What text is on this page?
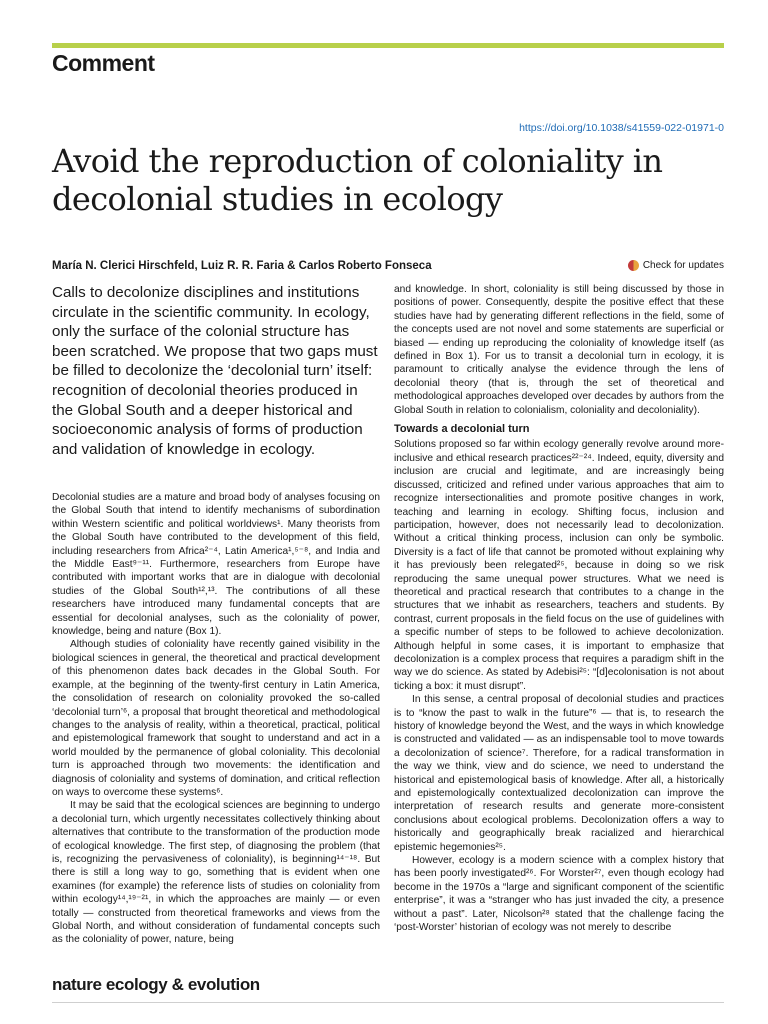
Comment
https://doi.org/10.1038/s41559-022-01971-0
Avoid the reproduction of coloniality in decolonial studies in ecology
María N. Clerici Hirschfeld, Luiz R. R. Faria & Carlos Roberto Fonseca	Check for updates

Calls to decolonize disciplines and institutions circulate in the scientific community. In ecology, only the surface of the colonial structure has been scratched. We propose that two gaps must be filled to decolonize the ‘decolonial turn’ itself: recognition of decolonial theories produced in the Global South and a deeper historical and socioeconomic analysis of forms of production and validation of knowledge in ecology.

Decolonial studies are a mature and broad body of analyses focusing on the Global South that intend to identify mechanisms of subordination within Western scientific and political worldviews¹. Many theorists from the Global South have contributed to the development of this field, including researchers from Africa²⁻⁴, Latin America¹,⁵⁻⁸, and India and the Middle East⁹⁻¹¹. Furthermore, researchers from Europe have contributed with important works that are in dialogue with decolonial studies of the Global South¹²,¹³. The contributions of all these researchers have introduced many fundamental concepts that are essential for decolonial analyses, such as the coloniality of power, knowledge, being and nature (Box 1).

Although studies of coloniality have recently gained visibility in the biological sciences in general, the theoretical and practical development of this phenomenon dates back decades in the Global South. For example, at the beginning of the twenty-first century in Latin America, the consolidation of research on coloniality provoked the so-called ‘decolonial turn’⁶, a proposal that brought theoretical and methodological changes to the analysis of reality, within a theoretical, practical, political and epistemological framework that sought to understand and act in a world moulded by the permanence of global coloniality. This decolonial turn is approached through two movements: the identification and diagnosis of coloniality and systems of domination, and critical reflection on ways to overcome these systems⁶.

It may be said that the ecological sciences are beginning to undergo a decolonial turn, which urgently necessitates collectively thinking about alternatives that contribute to the transformation of the production mode of ecological knowledge. The first step, of diagnosing the problem (that is, recognizing the pervasiveness of coloniality), is beginning¹⁴⁻¹⁸. But there is still a long way to go, something that is evident when one examines (for example) the reference lists of studies on coloniality from within ecology¹⁴,¹⁹⁻²¹, in which the approaches are mainly — or even totally — constructed from theoretical frameworks and views from the Global North, and without consideration of fundamental concepts such as the coloniality of power, nature, being

and knowledge. In short, coloniality is still being discussed by those in positions of power. Consequently, despite the positive effect that these studies have had by generating different reflections in the field, some of the concepts used are not novel and some statements are superficial or biased — ending up reproducing the coloniality of knowledge itself (as defined in Box 1). For us to transit a decolonial turn in ecology, it is paramount to critically analyse the evidence through the lens of decolonial theory (that is, through the set of theoretical and methodological approaches developed over decades by authors from the Global South in relation to colonialism, coloniality and decoloniality).

Towards a decolonial turn

Solutions proposed so far within ecology generally revolve around more-inclusive and ethical research practices²²⁻²⁴. Indeed, equity, diversity and inclusion are crucial and legitimate, and are increasingly being discussed, criticized and refined under various approaches that aim to recognize intersectionalities and promote positive changes in work, teaching and learning in ecology. Shifting focus, inclusion and participation, however, does not necessarily lead to decolonization. Without a critical thinking process, inclusion can only be symbolic. Diversity is a fact of life that cannot be promoted without explaining why it has previously been relegated²⁵, because in doing so we risk reproducing the same unequal power structures. What we need is theoretical and practical research that contributes to a change in the structures that we inhabit as researchers, teachers and students. By contrast, current proposals in the field focus on the use of guidelines with a specific number of steps to be followed to achieve decolonization. Although helpful in some cases, it is important to emphasize that decolonization is a complex process that requires a paradigm shift in the way we do science. As stated by Adebisi²⁵: “[d]ecolonisation is not about ticking a box: it must disrupt”.

In this sense, a central proposal of decolonial studies and practices is to “know the past to walk in the future”⁶ — that is, to research the history of knowledge beyond the West, and the ways in which knowledge is constructed and validated — as an indispensable tool to move towards a decolonization of science⁷. Therefore, for a radical transformation in the way we think, view and do science, we need to understand the historical and epistemological basis of knowledge. After all, a historically and epistemologically contextualized decolonization can improve the interpretation of research results and generate more-consistent conclusions about ecological problems. Decolonization offers a way to historically and geographically break racialized and hierarchical epistemic hegemonies²⁵.

However, ecology is a modern science with a complex history that has been poorly investigated²⁶. For Worster²⁷, even though ecology had become in the 1970s a “large and significant component of the scientific enterprise”, it was a “stranger who has just invaded the city, a presence without a past”. Later, Nicolson²⁸ stated that the challenge facing the ‘post-Worster’ historian of ecology was not merely to describe

nature ecology & evolution
